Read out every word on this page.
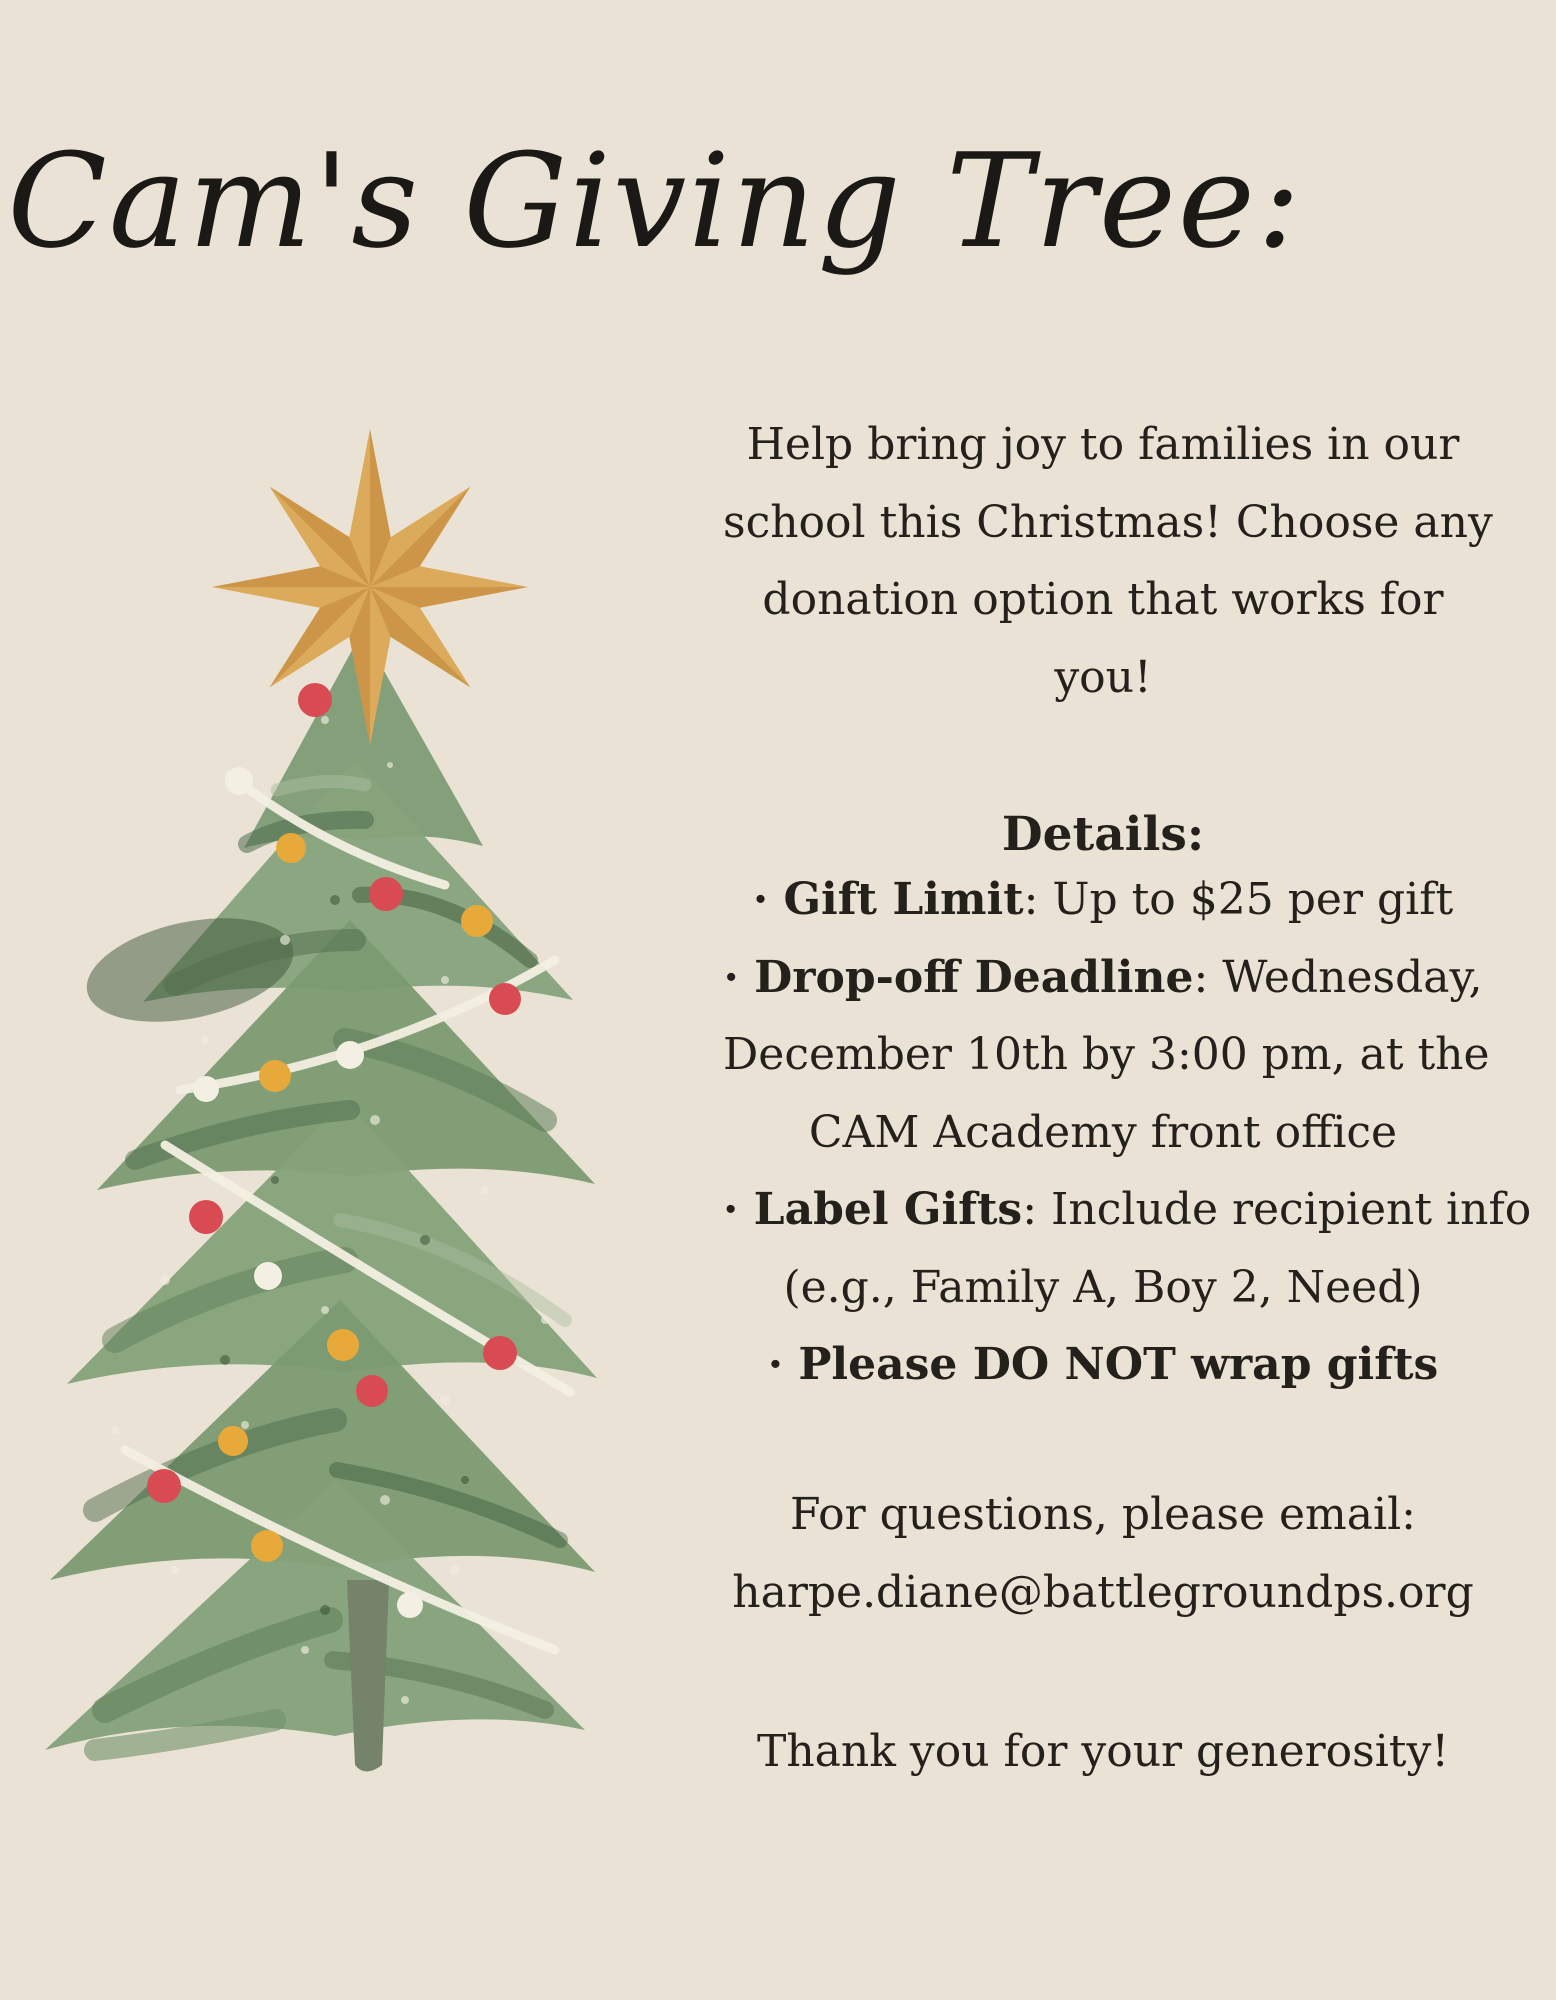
Cam's Giving Tree:
Help bring joy to families in our
school this Christmas! Choose any
donation option that works for
you!
Details:
· Gift Limit: Up to $25 per gift
· Drop-off Deadline: Wednesday,
December 10th by 3:00 pm, at the
CAM Academy front office
· Label Gifts: Include recipient info
(e.g., Family A, Boy 2, Need)
· Please DO NOT wrap gifts
For questions, please email:
harpe.diane@battlegroundps.org
Thank you for your generosity!
